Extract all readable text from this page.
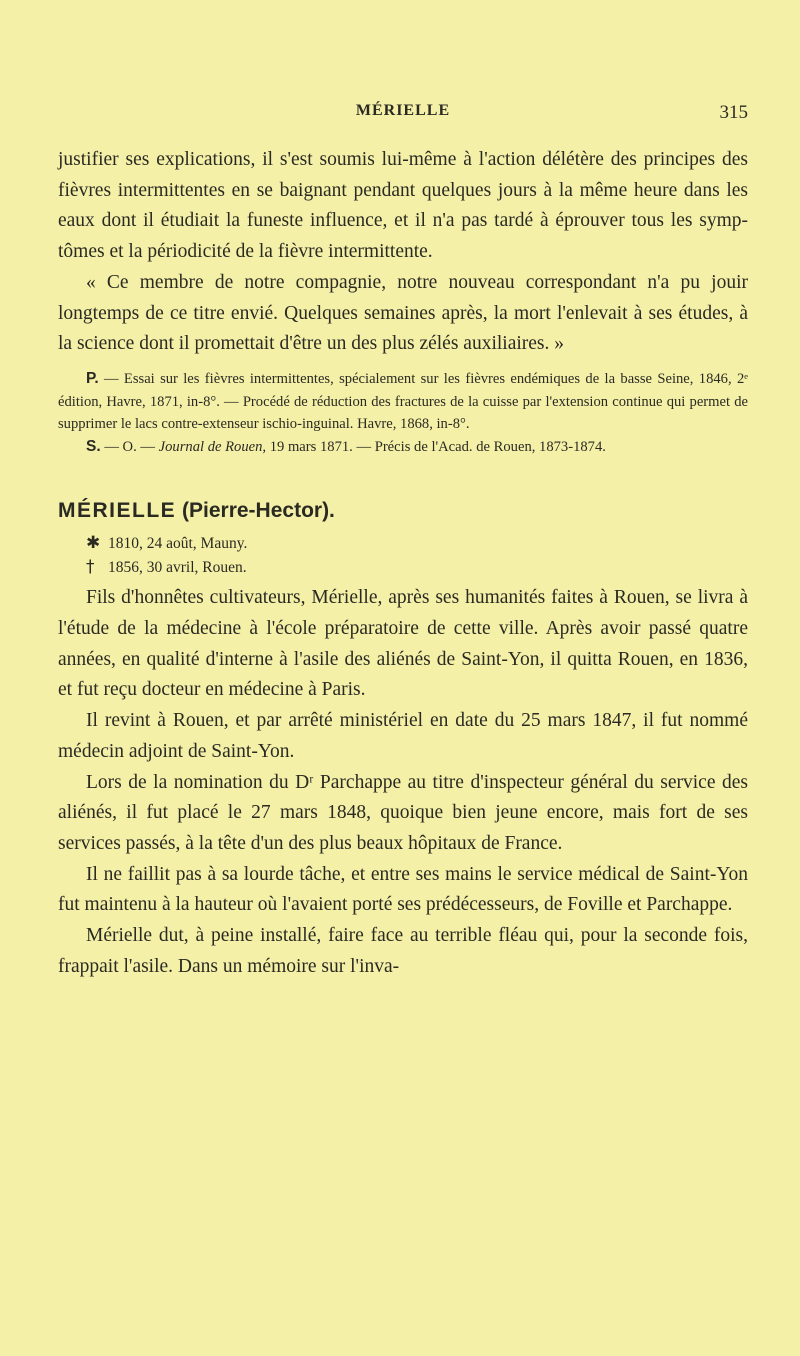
MÉRIELLE	315

justifier ses explications, il s'est soumis lui-même à l'action délétère des principes des fièvres intermittentes en se baignant pendant quelques jours à la même heure dans les eaux dont il étudiait la funeste influence, et il n'a pas tardé à éprouver tous les symptômes et la périodicité de la fièvre intermittente.

« Ce membre de notre compagnie, notre nouveau correspondant n'a pu jouir longtemps de ce titre envié. Quelques semaines après, la mort l'enlevait à ses études, à la science dont il promettait d'être un des plus zélés auxiliaires. »

P. — Essai sur les fièvres intermittentes, spécialement sur les fièvres endémiques de la basse Seine, 1846, 2ᵉ édition, Havre, 1871, in-8°. — Procédé de réduction des fractures de la cuisse par l'extension continue qui permet de supprimer le lacs contre-extenseur ischio-inguinal. Havre, 1868, in-8°.

S. — O. — Journal de Rouen, 19 mars 1871. — Précis de l'Acad. de Rouen, 1873-1874.

MÉRIELLE (Pierre-Hector).

✱ 1810, 24 août, Mauny.

† 1856, 30 avril, Rouen.

Fils d'honnêtes cultivateurs, Mérielle, après ses humanités faites à Rouen, se livra à l'étude de la médecine à l'école préparatoire de cette ville. Après avoir passé quatre années, en qualité d'interne à l'asile des aliénés de Saint-Yon, il quitta Rouen, en 1836, et fut reçu docteur en médecine à Paris.

Il revint à Rouen, et par arrêté ministériel en date du 25 mars 1847, il fut nommé médecin adjoint de Saint-Yon.

Lors de la nomination du Dʳ Parchappe au titre d'inspecteur général du service des aliénés, il fut placé le 27 mars 1848, quoique bien jeune encore, mais fort de ses services passés, à la tête d'un des plus beaux hôpitaux de France.

Il ne faillit pas à sa lourde tâche, et entre ses mains le service médical de Saint-Yon fut maintenu à la hauteur où l'avaient porté ses prédécesseurs, de Foville et Parchappe.

Mérielle dut, à peine installé, faire face au terrible fléau qui, pour la seconde fois, frappait l'asile. Dans un mémoire sur l'inva-
